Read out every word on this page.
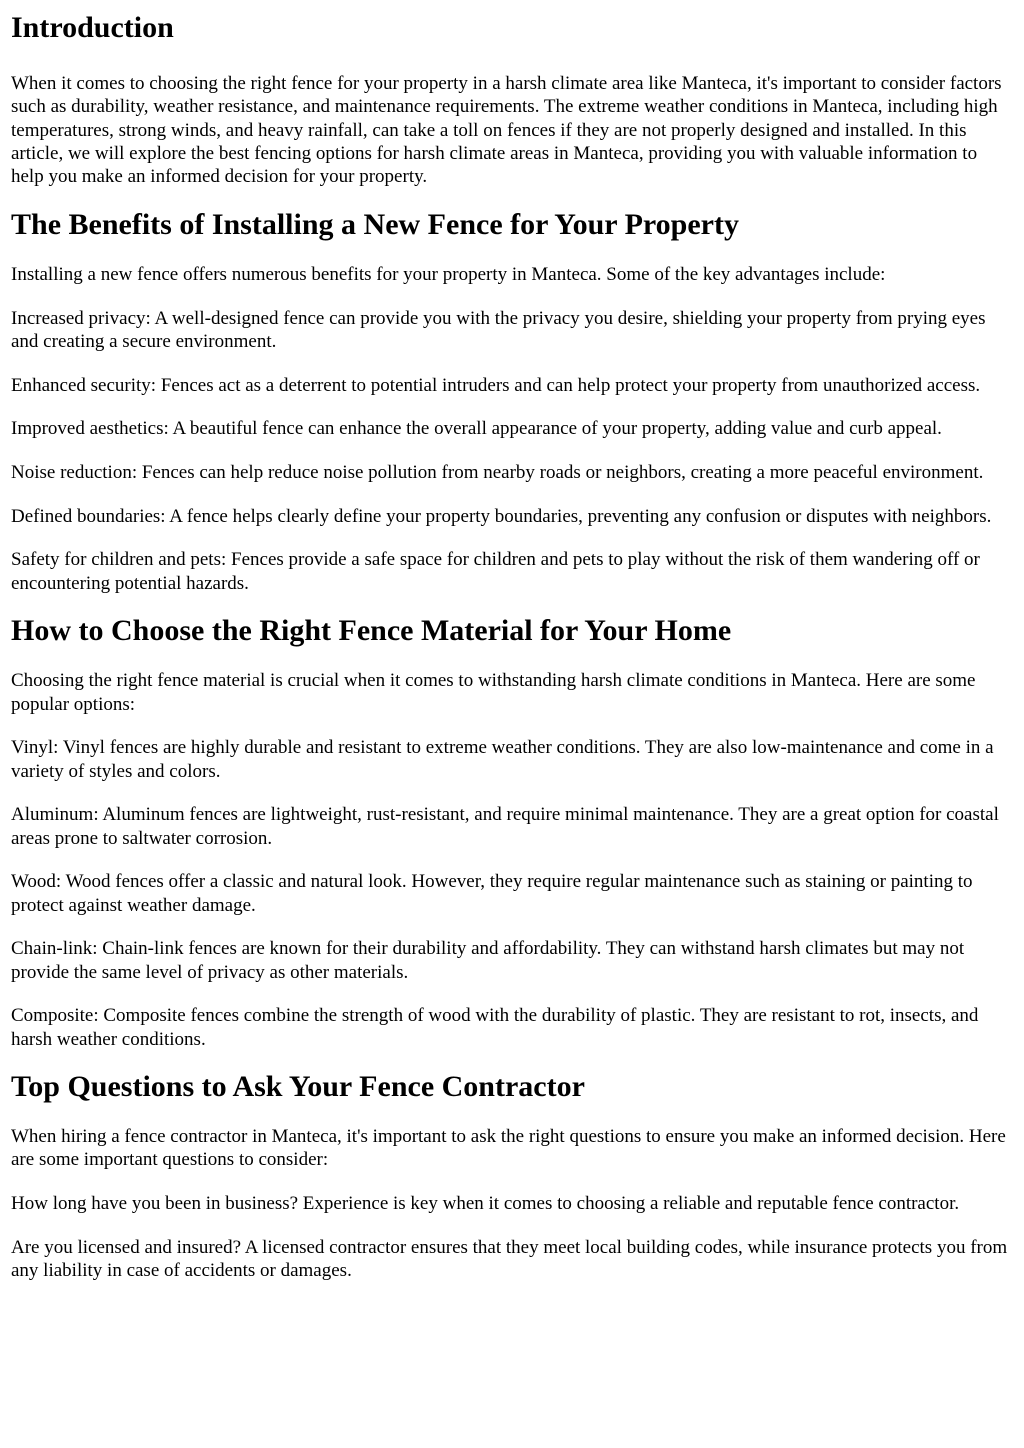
Introduction

When it comes to choosing the right fence for your property in a harsh climate area like Manteca, it's important to consider factors such as durability, weather resistance, and maintenance requirements. The extreme weather conditions in Manteca, including high temperatures, strong winds, and heavy rainfall, can take a toll on fences if they are not properly designed and installed. In this article, we will explore the best fencing options for harsh climate areas in Manteca, providing you with valuable information to help you make an informed decision for your property.

The Benefits of Installing a New Fence for Your Property

Installing a new fence offers numerous benefits for your property in Manteca. Some of the key advantages include:

Increased privacy: A well-designed fence can provide you with the privacy you desire, shielding your property from prying eyes and creating a secure environment.

Enhanced security: Fences act as a deterrent to potential intruders and can help protect your property from unauthorized access.

Improved aesthetics: A beautiful fence can enhance the overall appearance of your property, adding value and curb appeal.

Noise reduction: Fences can help reduce noise pollution from nearby roads or neighbors, creating a more peaceful environment.

Defined boundaries: A fence helps clearly define your property boundaries, preventing any confusion or disputes with neighbors.

Safety for children and pets: Fences provide a safe space for children and pets to play without the risk of them wandering off or encountering potential hazards.

How to Choose the Right Fence Material for Your Home

Choosing the right fence material is crucial when it comes to withstanding harsh climate conditions in Manteca. Here are some popular options:

Vinyl: Vinyl fences are highly durable and resistant to extreme weather conditions. They are also low-maintenance and come in a variety of styles and colors.

Aluminum: Aluminum fences are lightweight, rust-resistant, and require minimal maintenance. They are a great option for coastal areas prone to saltwater corrosion.

Wood: Wood fences offer a classic and natural look. However, they require regular maintenance such as staining or painting to protect against weather damage.

Chain-link: Chain-link fences are known for their durability and affordability. They can withstand harsh climates but may not provide the same level of privacy as other materials.

Composite: Composite fences combine the strength of wood with the durability of plastic. They are resistant to rot, insects, and harsh weather conditions.

Top Questions to Ask Your Fence Contractor

When hiring a fence contractor in Manteca, it's important to ask the right questions to ensure you make an informed decision. Here are some important questions to consider:

How long have you been in business? Experience is key when it comes to choosing a reliable and reputable fence contractor.

Are you licensed and insured? A licensed contractor ensures that they meet local building codes, while insurance protects you from any liability in case of accidents or damages.
